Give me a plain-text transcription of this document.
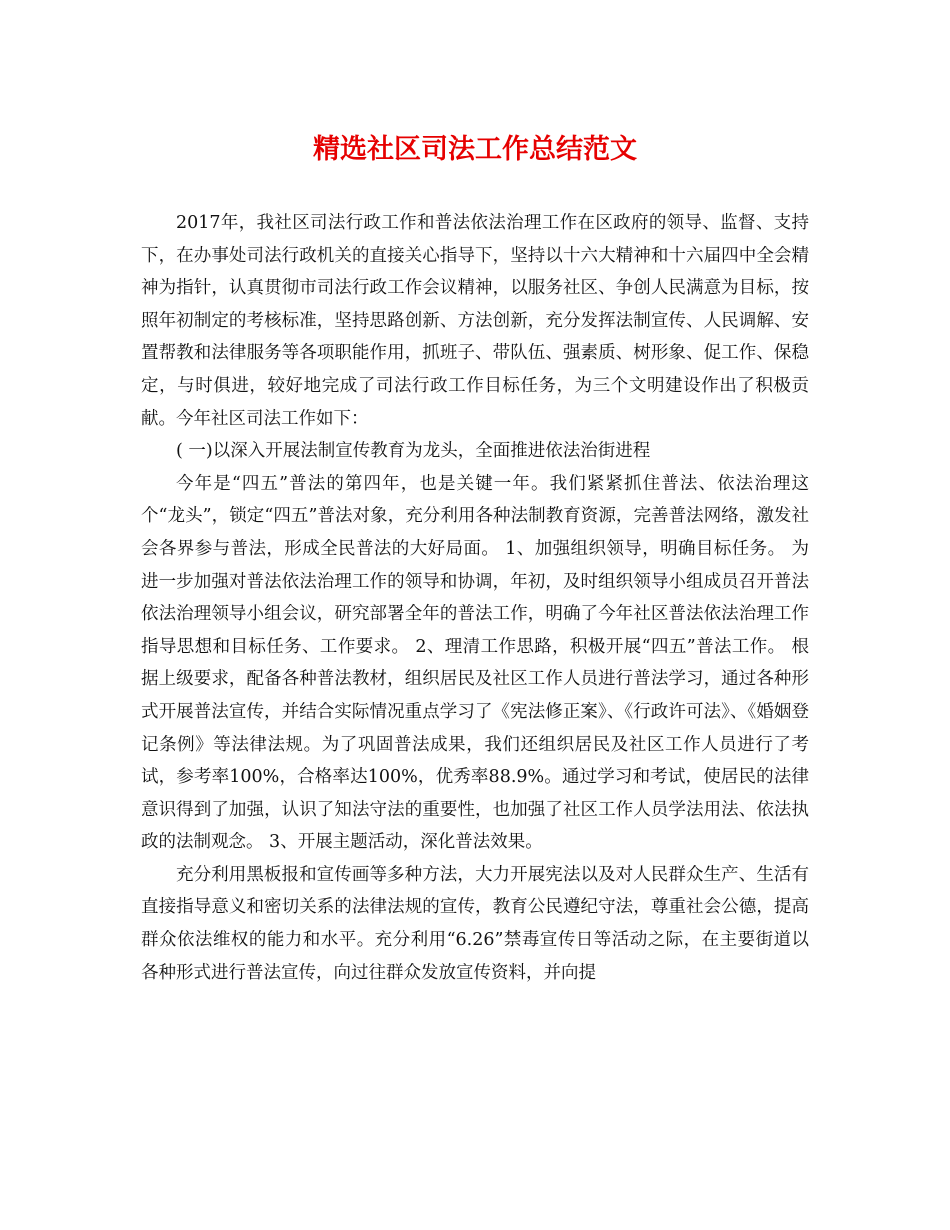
精选社区司法工作总结范文

2017年，我社区司法行政工作和普法依法治理工作在区政府的领导、监督、支持下，在办事处司法行政机关的直接关心指导下，坚持以十六大精神和十六届四中全会精神为指针，认真贯彻市司法行政工作会议精神，以服务社区、争创人民满意为目标，按照年初制定的考核标准，坚持思路创新、方法创新，充分发挥法制宣传、人民调解、安置帮教和法律服务等各项职能作用，抓班子、带队伍、强素质、树形象、促工作、保稳定，与时俱进，较好地完成了司法行政工作目标任务，为三个文明建设作出了积极贡献。今年社区司法工作如下：

( 一)以深入开展法制宣传教育为龙头，全面推进依法治街进程

今年是“四五”普法的第四年，也是关键一年。我们紧紧抓住普法、依法治理这个“龙头”，锁定“四五”普法对象，充分利用各种法制教育资源，完善普法网络，激发社会各界参与普法，形成全民普法的大好局面。 1、加强组织领导，明确目标任务。 为进一步加强对普法依法治理工作的领导和协调，年初，及时组织领导小组成员召开普法依法治理领导小组会议，研究部署全年的普法工作，明确了今年社区普法依法治理工作指导思想和目标任务、工作要求。 2、理清工作思路，积极开展“四五”普法工作。 根据上级要求，配备各种普法教材，组织居民及社区工作人员进行普法学习，通过各种形式开展普法宣传，并结合实际情况重点学习了《宪法修正案》、《行政许可法》、《婚姻登记条例》等法律法规。为了巩固普法成果，我们还组织居民及社区工作人员进行了考试，参考率100%，合格率达100%，优秀率88.9%。通过学习和考试，使居民的法律意识得到了加强，认识了知法守法的重要性，也加强了社区工作人员学法用法、依法执政的法制观念。 3、开展主题活动，深化普法效果。

充分利用黑板报和宣传画等多种方法，大力开展宪法以及对人民群众生产、生活有直接指导意义和密切关系的法律法规的宣传，教育公民遵纪守法，尊重社会公德，提高群众依法维权的能力和水平。充分利用“6.26”禁毒宣传日等活动之际，在主要街道以各种形式进行普法宣传，向过往群众发放宣传资料，并向提
